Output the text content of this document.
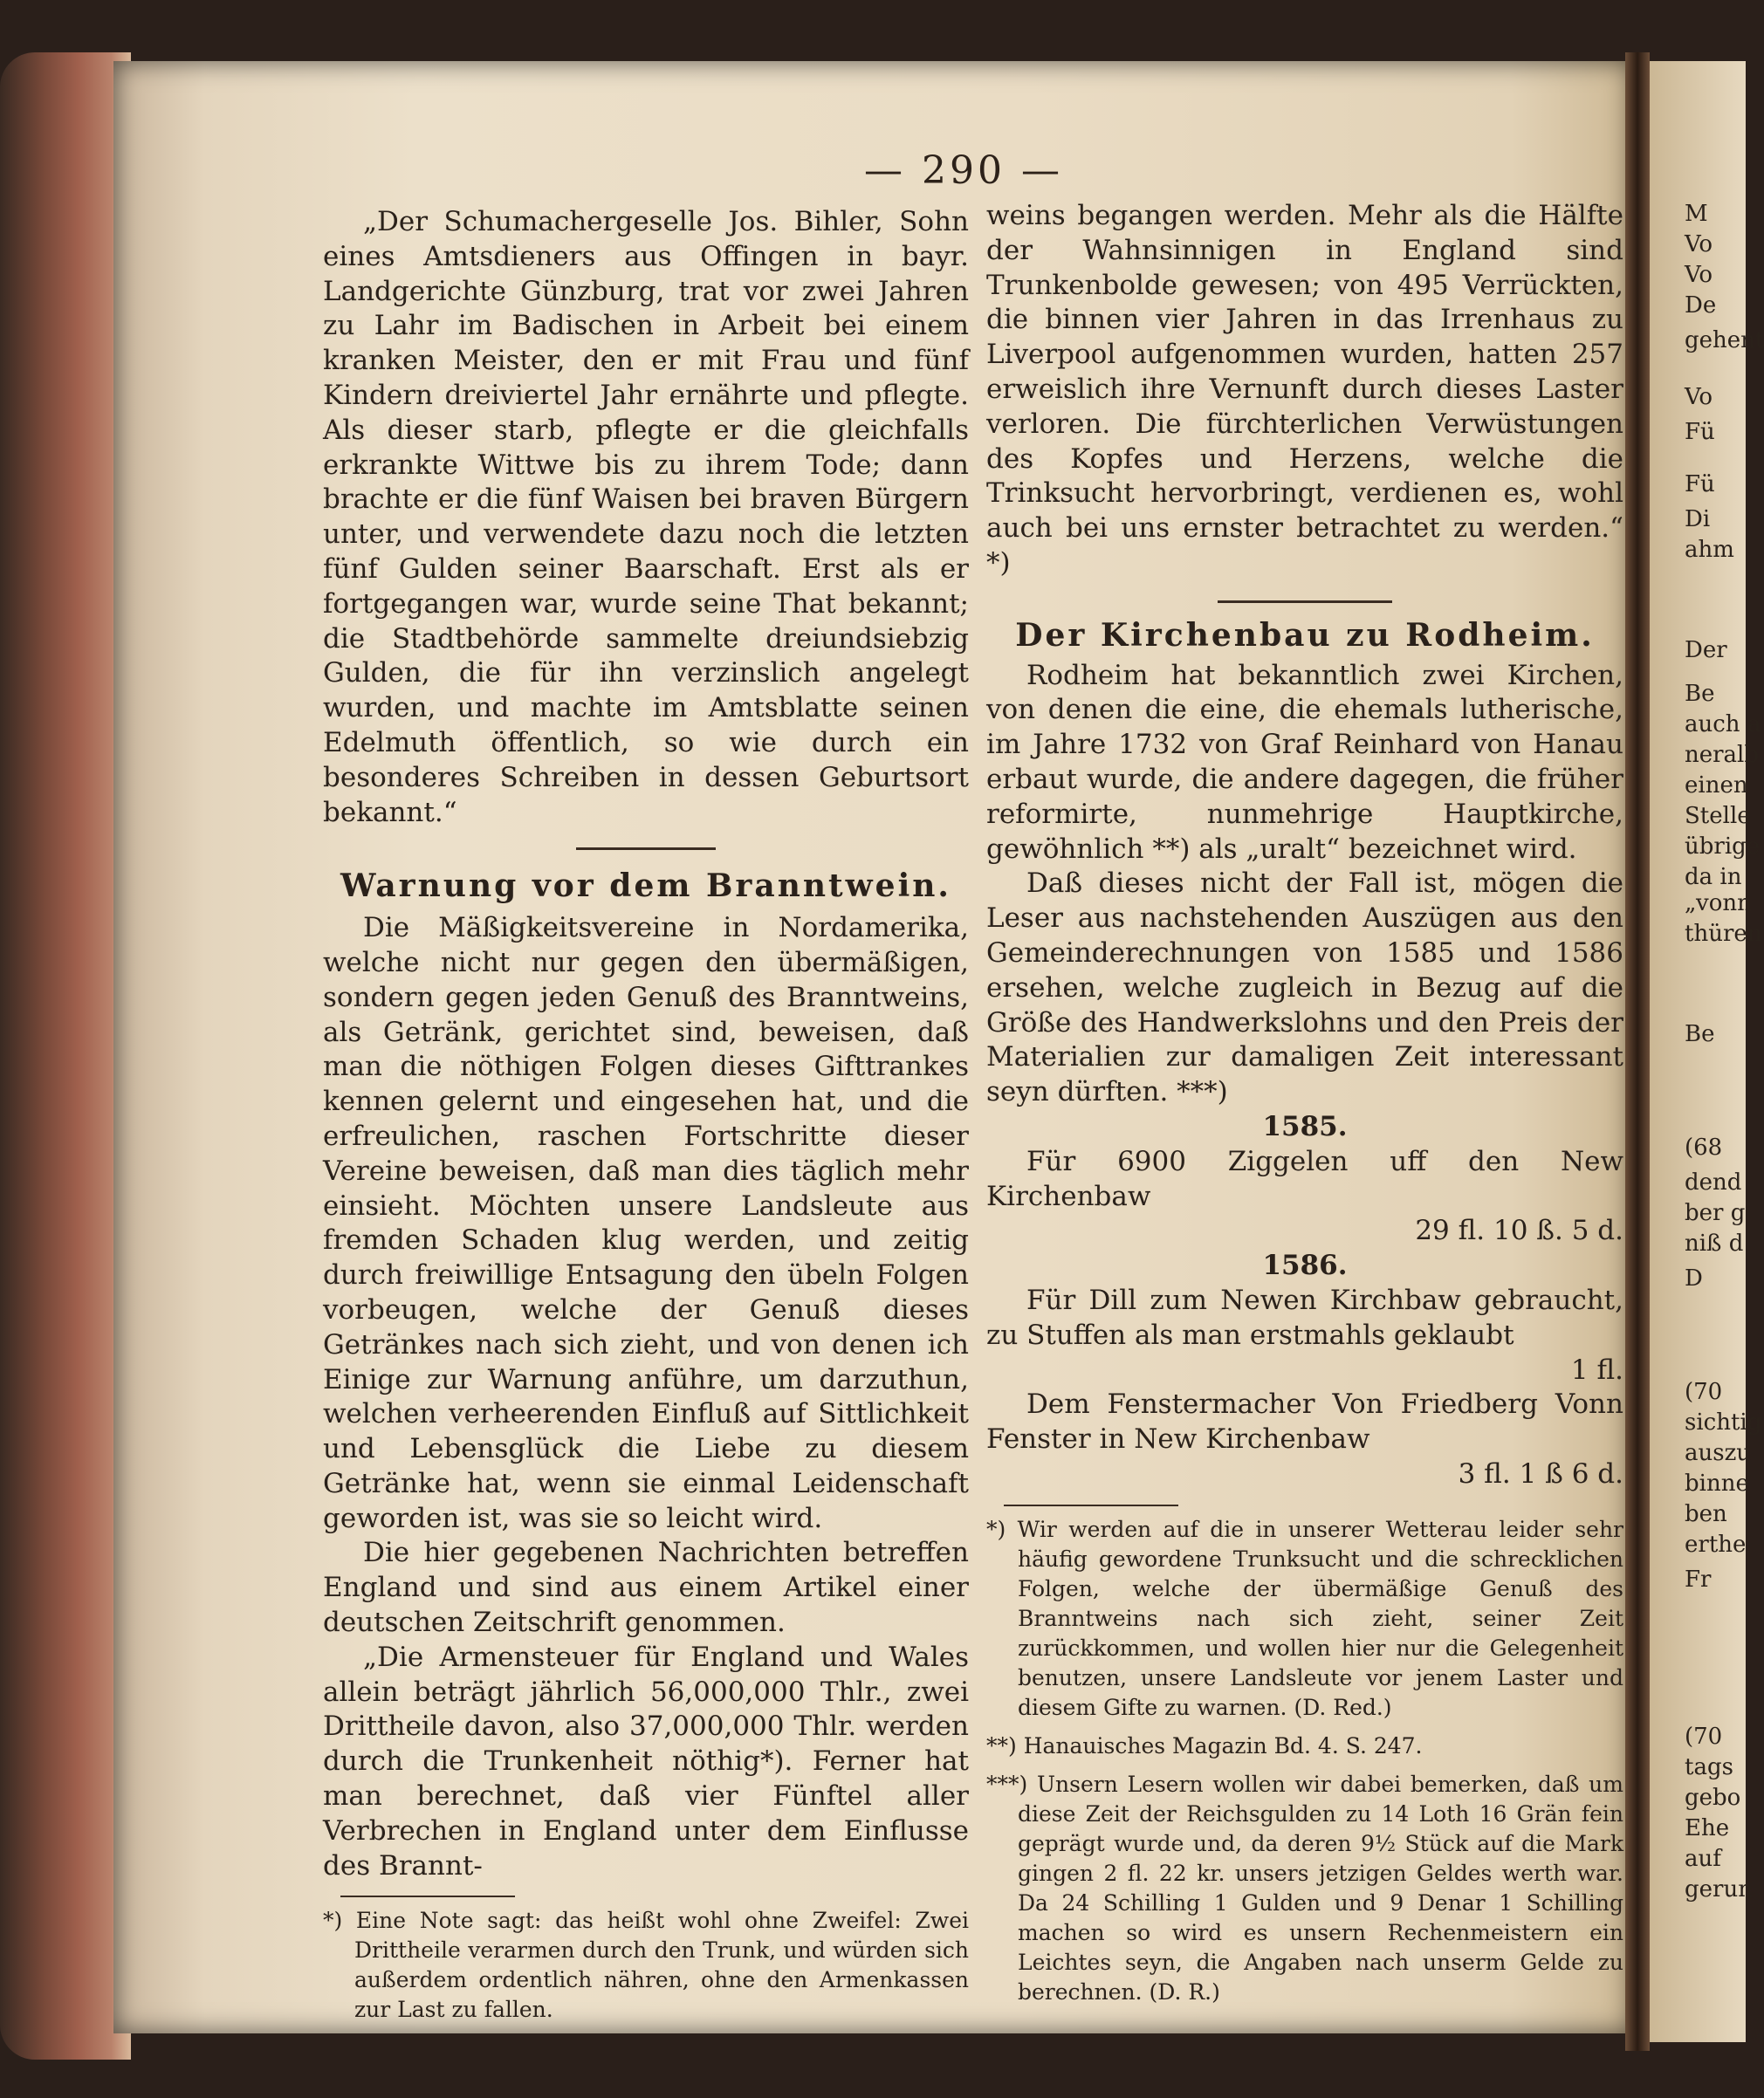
— 290 —

„Der Schumachergeselle Jos. Bihler, Sohn eines Amtsdieners aus Offingen in bayr. Landgerichte Günzburg, trat vor zwei Jahren zu Lahr im Badischen in Arbeit bei einem kranken Meister, den er mit Frau und fünf Kindern dreiviertel Jahr ernährte und pflegte. Als dieser starb, pflegte er die gleichfalls erkrankte Wittwe bis zu ihrem Tode; dann brachte er die fünf Waisen bei braven Bürgern unter, und verwendete dazu noch die letzten fünf Gulden seiner Baarschaft. Erst als er fortgegangen war, wurde seine That bekannt; die Stadtbehörde sammelte dreiundsiebzig Gulden, die für ihn verzinslich angelegt wurden, und machte im Amtsblatte seinen Edelmuth öffentlich, so wie durch ein besonderes Schreiben in dessen Geburtsort bekannt.“

Warnung vor dem Branntwein.

Die Mäßigkeitsvereine in Nordamerika, welche nicht nur gegen den übermäßigen, sondern gegen jeden Genuß des Branntweins, als Getränk, gerichtet sind, beweisen, daß man die nöthigen Folgen dieses Gifttrankes kennen gelernt und eingesehen hat, und die erfreulichen, raschen Fortschritte dieser Vereine beweisen, daß man dies täglich mehr einsieht. Möchten unsere Landsleute aus fremden Schaden klug werden, und zeitig durch freiwillige Entsagung den übeln Folgen vorbeugen, welche der Genuß dieses Getränkes nach sich zieht, und von denen ich Einige zur Warnung anführe, um darzuthun, welchen verheerenden Einfluß auf Sittlichkeit und Lebensglück die Liebe zu diesem Getränke hat, wenn sie einmal Leidenschaft geworden ist, was sie so leicht wird.

Die hier gegebenen Nachrichten betreffen England und sind aus einem Artikel einer deutschen Zeitschrift genommen.

„Die Armensteuer für England und Wales allein beträgt jährlich 56,000,000 Thlr., zwei Drittheile davon, also 37,000,000 Thlr. werden durch die Trunkenheit nöthig*). Ferner hat man berechnet, daß vier Fünftel aller Verbrechen in England unter dem Einflusse des Brannt-

*) Eine Note sagt: das heißt wohl ohne Zweifel: Zwei Drittheile verarmen durch den Trunk, und würden sich außerdem ordentlich nähren, ohne den Armenkassen zur Last zu fallen.

weins begangen werden. Mehr als die Hälfte der Wahnsinnigen in England sind Trunkenbolde gewesen; von 495 Verrückten, die binnen vier Jahren in das Irrenhaus zu Liverpool aufgenommen wurden, hatten 257 erweislich ihre Vernunft durch dieses Laster verloren. Die fürchterlichen Verwüstungen des Kopfes und Herzens, welche die Trinksucht hervorbringt, verdienen es, wohl auch bei uns ernster betrachtet zu werden.“ *)

Der Kirchenbau zu Rodheim.

Rodheim hat bekanntlich zwei Kirchen, von denen die eine, die ehemals lutherische, im Jahre 1732 von Graf Reinhard von Hanau erbaut wurde, die andere dagegen, die früher reformirte, nunmehrige Hauptkirche, gewöhnlich **) als „uralt“ bezeichnet wird.

Daß dieses nicht der Fall ist, mögen die Leser aus nachstehenden Auszügen aus den Gemeinderechnungen von 1585 und 1586 ersehen, welche zugleich in Bezug auf die Größe des Handwerkslohns und den Preis der Materialien zur damaligen Zeit interessant seyn dürften. ***)

1585.

Für 6900 Ziggelen uff den New Kirchenbaw

29 fl. 10 ß. 5 d.

1586.

Für Dill zum Newen Kirchbaw gebraucht, zu Stuffen als man erstmahls geklaubt

1 fl.

Dem Fenstermacher Von Friedberg Vonn Fenster in New Kirchenbaw

3 fl. 1 ß 6 d.

*) Wir werden auf die in unserer Wetterau leider sehr häufig gewordene Trunksucht und die schrecklichen Folgen, welche der übermäßige Genuß des Branntweins nach sich zieht, seiner Zeit zurückkommen, und wollen hier nur die Gelegenheit benutzen, unsere Landsleute vor jenem Laster und diesem Gifte zu warnen. (D. Red.)

**) Hanauisches Magazin Bd. 4. S. 247.

***) Unsern Lesern wollen wir dabei bemerken, daß um diese Zeit der Reichsgulden zu 14 Loth 16 Grän fein geprägt wurde und, da deren 9½ Stück auf die Mark gingen 2 fl. 22 kr. unsers jetzigen Geldes werth war. Da 24 Schilling 1 Gulden und 9 Denar 1 Schilling machen so wird es unsern Rechenmeistern ein Leichtes seyn, die Angaben nach unserm Gelde zu berechnen. (D. R.)

M
Vo
Vo
De
gehent
Vo
Fü
Fü
Di
ahm
Der
Be
auch a
neralb
einen
Stelle
übrige
da in
„vonn
thüren
Be
(68
dend
ber g
niß d
D
(70
sichtig
auszu
binne
ben
erthe
Fr
(70
tags
gebo
Ehe
auf
gerun
